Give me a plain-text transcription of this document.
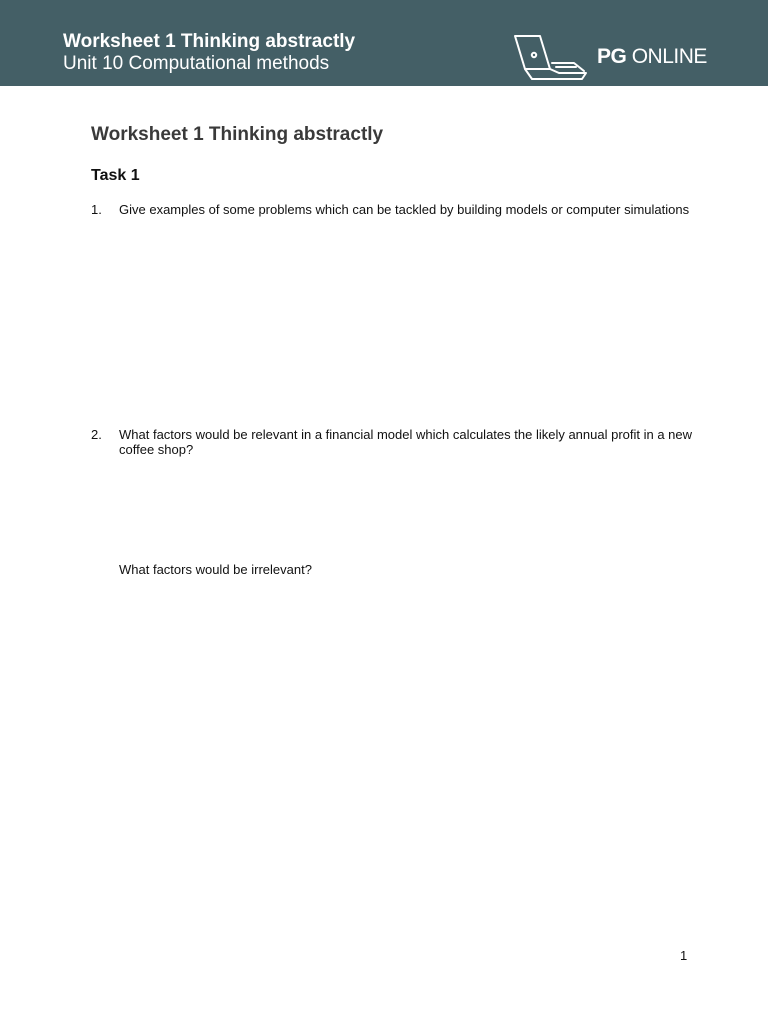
Worksheet 1 Thinking abstractly
Unit 10 Computational methods	PG ONLINE
Worksheet 1 Thinking abstractly
Task 1
1. Give examples of some problems which can be tackled by building models or computer simulations
2. What factors would be relevant in a financial model which calculates the likely annual profit in a new coffee shop?
What factors would be irrelevant?
1
